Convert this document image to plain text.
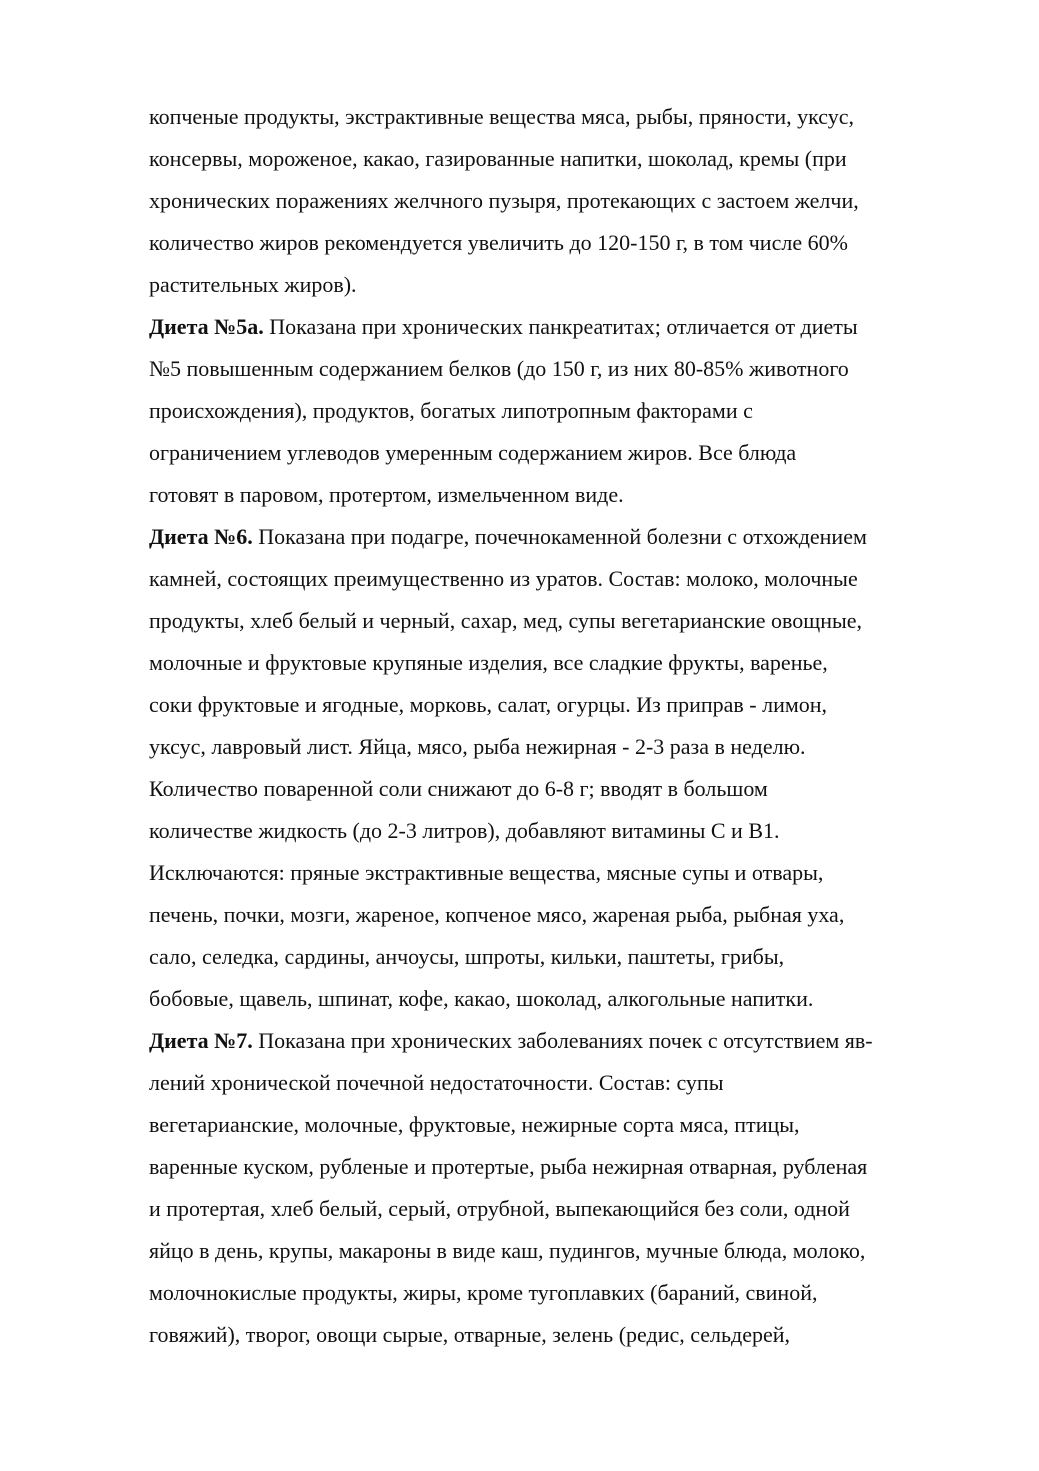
копченые продукты, экстрактивные вещества мяса, рыбы, пряности, уксус,
консервы, мороженое, какао, газированные напитки, шоколад, кремы (при
хронических поражениях желчного пузыря, протекающих с застоем желчи,
количество жиров рекомендуется увеличить до 120-150 г, в том числе 60%
растительных жиров).
Диета №5а. Показана при хронических панкреатитах; отличается от диеты
№5 повышенным содержанием белков (до 150 г, из них 80-85% животного
происхождения), продуктов, богатых липотропным факторами с
ограничением углеводов умеренным содержанием жиров. Все блюда
готовят в паровом, протертом, измельченном виде.
Диета №6. Показана при подагре, почечнокаменной болезни с отхождением
камней, состоящих преимущественно из уратов. Состав: молоко, молочные
продукты, хлеб белый и черный, сахар, мед, супы вегетарианские овощные,
молочные и фруктовые крупяные изделия, все сладкие фрукты, варенье,
соки фруктовые и ягодные, морковь, салат, огурцы. Из приправ - лимон,
уксус, лавровый лист. Яйца, мясо, рыба нежирная - 2-3 раза в неделю.
Количество поваренной соли снижают до 6-8 г; вводят в большом
количестве жидкость (до 2-3 литров), добавляют витамины С и В1.
Исключаются: пряные экстрактивные вещества, мясные супы и отвары,
печень, почки, мозги, жареное, копченое мясо, жареная рыба, рыбная уха,
сало, селедка, сардины, анчоусы, шпроты, кильки, паштеты, грибы,
бобовые, щавель, шпинат, кофе, какао, шоколад, алкогольные напитки.
Диета №7. Показана при хронических заболеваниях почек с отсутствием яв-
лений хронической почечной недостаточности. Состав: супы
вегетарианские, молочные, фруктовые, нежирные сорта мяса, птицы,
варенные куском, рубленые и протертые, рыба нежирная отварная, рубленая
и протертая, хлеб белый, серый, отрубной, выпекающийся без соли, одной
яйцо в день, крупы, макароны в виде каш, пудингов, мучные блюда, молоко,
молочнокислые продукты, жиры, кроме тугоплавких (бараний, свиной,
говяжий), творог, овощи сырые, отварные, зелень (редис, сельдерей,
